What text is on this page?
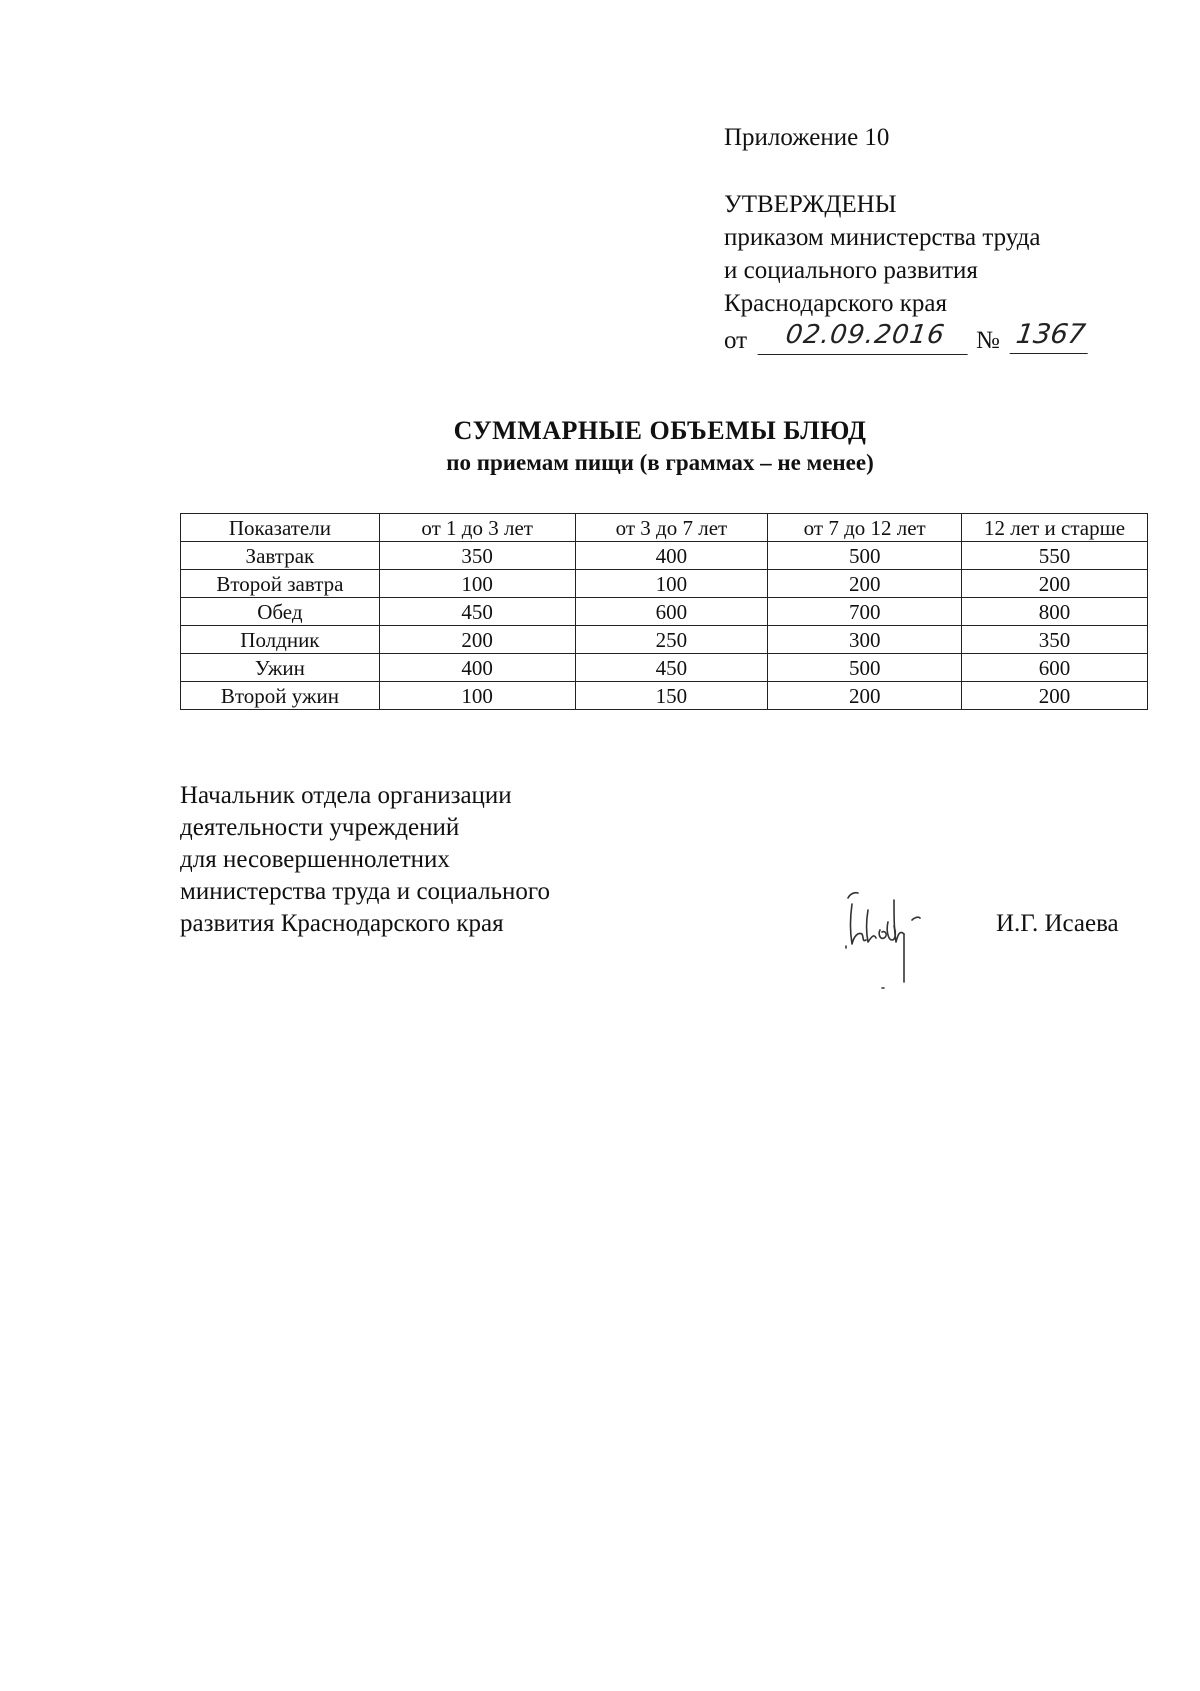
Приложение 10
УТВЕРЖДЕНЫ
приказом министерства труда
и социального развития
Краснодарского края
от	02.09.2016	№ 1367
СУММАРНЫЕ ОБЪЕМЫ БЛЮД
по приемам пищи (в граммах – не менее)
Показатели	от 1 до 3 лет	от 3 до 7 лет	от 7 до 12 лет	12 лет и старше
Завтрак	350	400	500	550
Второй завтра	100	100	200	200
Обед	450	600	700	800
Полдник	200	250	300	350
Ужин	400	450	500	600
Второй ужин	100	150	200	200
Начальник отдела организации
деятельности учреждений
для несовершеннолетних
министерства труда и социального
развития Краснодарского края	И.Г. Исаева
